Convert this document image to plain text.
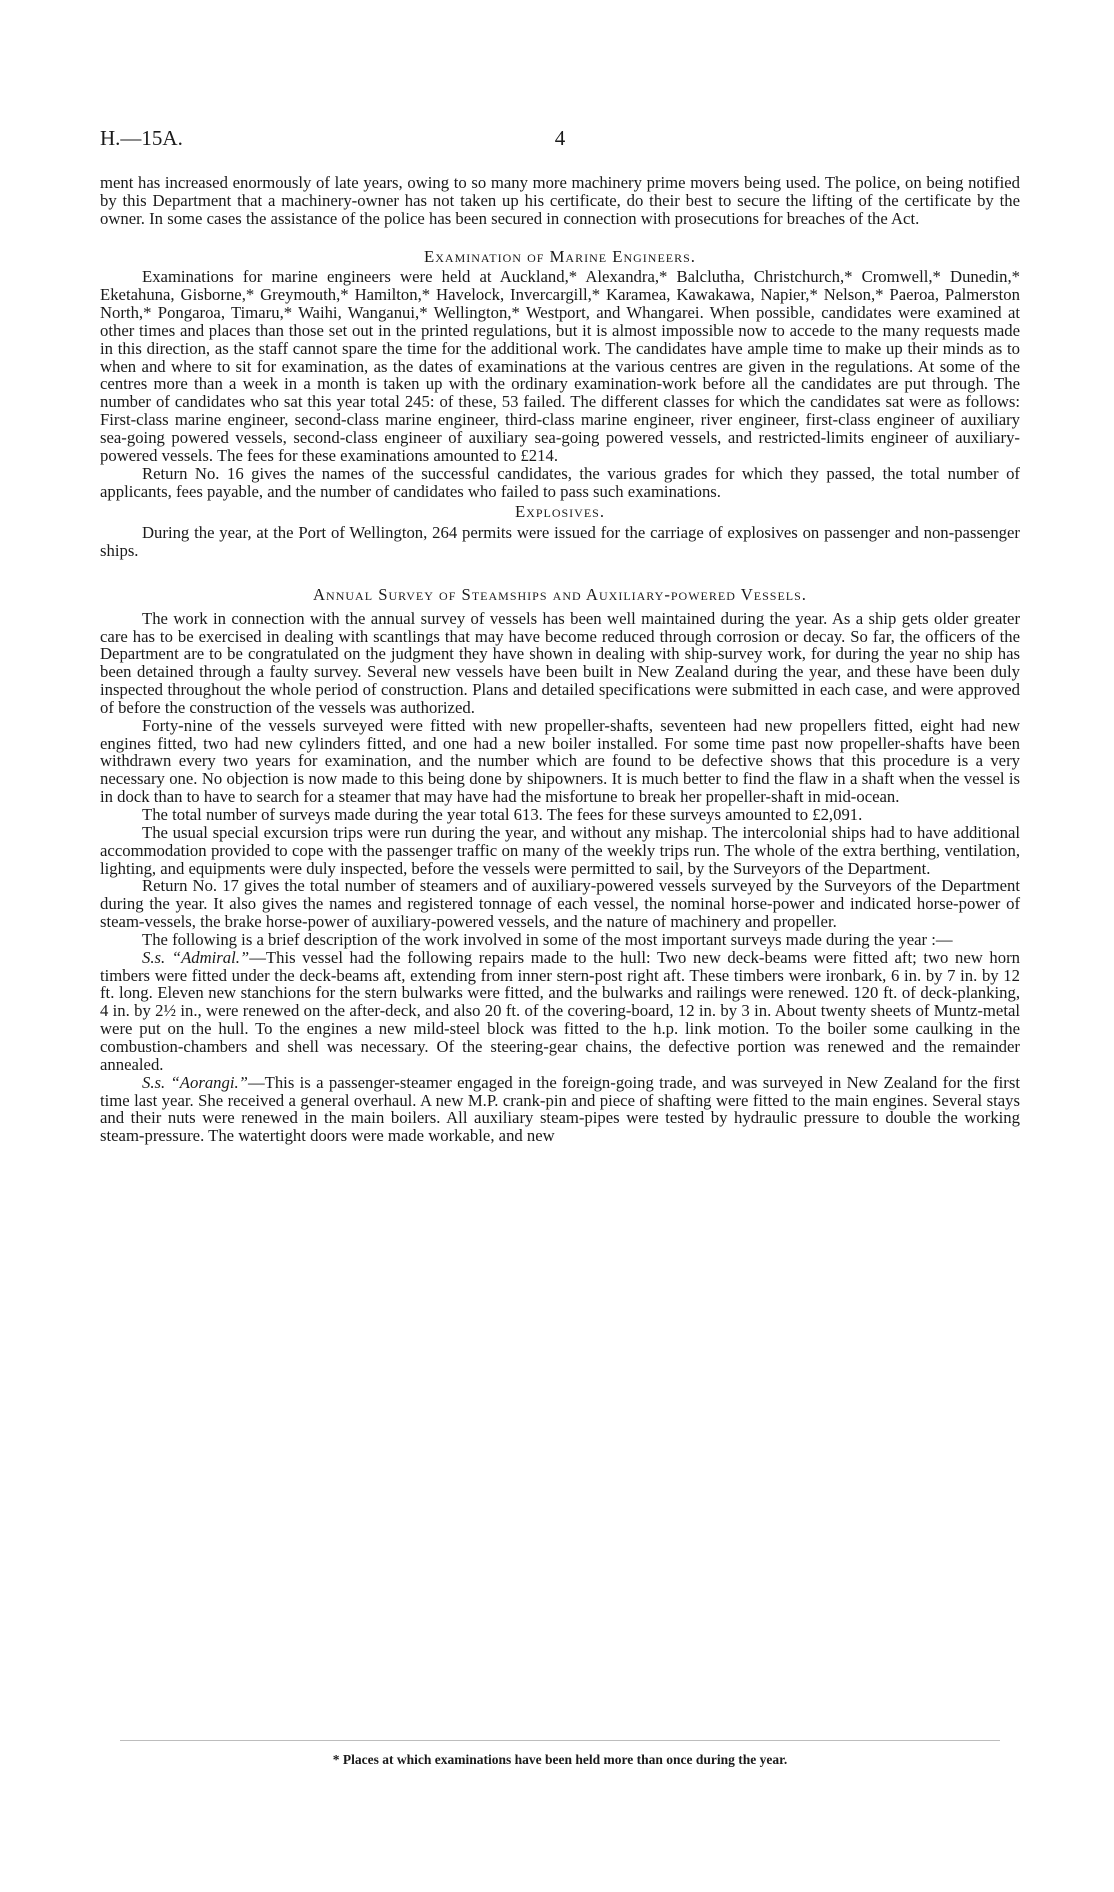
H.—15A.	4

ment has increased enormously of late years, owing to so many more machinery prime movers being used. The police, on being notified by this Department that a machinery-owner has not taken up his certificate, do their best to secure the lifting of the certificate by the owner. In some cases the assistance of the police has been secured in connection with prosecutions for breaches of the Act.

Examination of Marine Engineers.

Examinations for marine engineers were held at Auckland,* Alexandra,* Balclutha, Christchurch,* Cromwell,* Dunedin,* Eketahuna, Gisborne,* Greymouth,* Hamilton,* Havelock, Invercargill,* Karamea, Kawakawa, Napier,* Nelson,* Paeroa, Palmerston North,* Pongaroa, Timaru,* Waihi, Wanganui,* Wellington,* Westport, and Whangarei. When possible, candidates were examined at other times and places than those set out in the printed regulations, but it is almost impossible now to accede to the many requests made in this direction, as the staff cannot spare the time for the additional work. The candidates have ample time to make up their minds as to when and where to sit for examination, as the dates of examinations at the various centres are given in the regulations. At some of the centres more than a week in a month is taken up with the ordinary examination-work before all the candidates are put through. The number of candidates who sat this year total 245: of these, 53 failed. The different classes for which the candidates sat were as follows: First-class marine engineer, second-class marine engineer, third-class marine engineer, river engineer, first-class engineer of auxiliary sea-going powered vessels, second-class engineer of auxiliary sea-going powered vessels, and restricted-limits engineer of auxiliary-powered vessels. The fees for these examinations amounted to £214.

Return No. 16 gives the names of the successful candidates, the various grades for which they passed, the total number of applicants, fees payable, and the number of candidates who failed to pass such examinations.

Explosives.

During the year, at the Port of Wellington, 264 permits were issued for the carriage of explosives on passenger and non-passenger ships.

Annual Survey of Steamships and Auxiliary-powered Vessels.

The work in connection with the annual survey of vessels has been well maintained during the year. As a ship gets older greater care has to be exercised in dealing with scantlings that may have become reduced through corrosion or decay. So far, the officers of the Department are to be congratulated on the judgment they have shown in dealing with ship-survey work, for during the year no ship has been detained through a faulty survey. Several new vessels have been built in New Zealand during the year, and these have been duly inspected throughout the whole period of construction. Plans and detailed specifications were submitted in each case, and were approved of before the construction of the vessels was authorized.

Forty-nine of the vessels surveyed were fitted with new propeller-shafts, seventeen had new propellers fitted, eight had new engines fitted, two had new cylinders fitted, and one had a new boiler installed. For some time past now propeller-shafts have been withdrawn every two years for examination, and the number which are found to be defective shows that this procedure is a very necessary one. No objection is now made to this being done by shipowners. It is much better to find the flaw in a shaft when the vessel is in dock than to have to search for a steamer that may have had the misfortune to break her propeller-shaft in mid-ocean.

The total number of surveys made during the year total 613. The fees for these surveys amounted to £2,091.

The usual special excursion trips were run during the year, and without any mishap. The intercolonial ships had to have additional accommodation provided to cope with the passenger traffic on many of the weekly trips run. The whole of the extra berthing, ventilation, lighting, and equipments were duly inspected, before the vessels were permitted to sail, by the Surveyors of the Department.

Return No. 17 gives the total number of steamers and of auxiliary-powered vessels surveyed by the Surveyors of the Department during the year. It also gives the names and registered tonnage of each vessel, the nominal horse-power and indicated horse-power of steam-vessels, the brake horse-power of auxiliary-powered vessels, and the nature of machinery and propeller.

The following is a brief description of the work involved in some of the most important surveys made during the year :—

S.s. “Admiral.”—This vessel had the following repairs made to the hull: Two new deck-beams were fitted aft; two new horn timbers were fitted under the deck-beams aft, extending from inner stern-post right aft. These timbers were ironbark, 6 in. by 7 in. by 12 ft. long. Eleven new stanchions for the stern bulwarks were fitted, and the bulwarks and railings were renewed. 120 ft. of deck-planking, 4 in. by 2½ in., were renewed on the after-deck, and also 20 ft. of the covering-board, 12 in. by 3 in. About twenty sheets of Muntz-metal were put on the hull. To the engines a new mild-steel block was fitted to the h.p. link motion. To the boiler some caulking in the combustion-chambers and shell was necessary. Of the steering-gear chains, the defective portion was renewed and the remainder annealed.

S.s. “Aorangi.”—This is a passenger-steamer engaged in the foreign-going trade, and was surveyed in New Zealand for the first time last year. She received a general overhaul. A new M.P. crank-pin and piece of shafting were fitted to the main engines. Several stays and their nuts were renewed in the main boilers. All auxiliary steam-pipes were tested by hydraulic pressure to double the working steam-pressure. The watertight doors were made workable, and new

* Places at which examinations have been held more than once during the year.
